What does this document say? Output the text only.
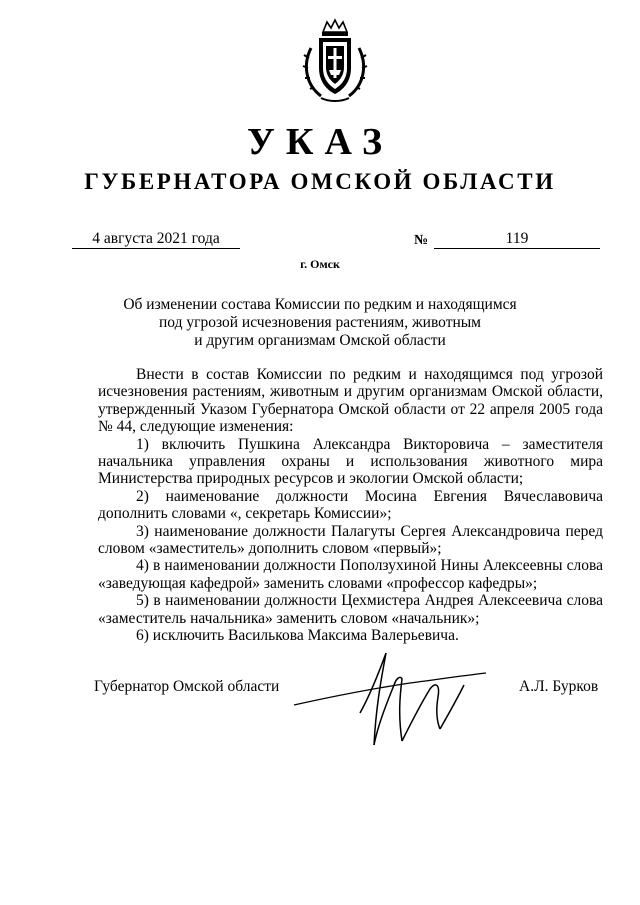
УКАЗ
ГУБЕРНАТОРА ОМСКОЙ ОБЛАСТИ
4 августа 2021 года	№	119
г. Омск
Об изменении состава Комиссии по редким и находящимся
под угрозой исчезновения растениям, животным
и другим организмам Омской области

Внести в состав Комиссии по редким и находящимся под угрозой исчезновения растениям, животным и другим организмам Омской области, утвержденный Указом Губернатора Омской области от 22 апреля 2005 года № 44, следующие изменения:

1) включить Пушкина Александра Викторовича – заместителя начальника управления охраны и использования животного мира Министерства природных ресурсов и экологии Омской области;

2) наименование должности Мосина Евгения Вячеславовича дополнить словами «, секретарь Комиссии»;

3) наименование должности Палагуты Сергея Александровича перед словом «заместитель» дополнить словом «первый»;

4) в наименовании должности Поползухиной Нины Алексеевны слова «заведующая кафедрой» заменить словами «профессор кафедры»;

5) в наименовании должности Цехмистера Андрея Алексеевича слова «заместитель начальника» заменить словом «начальник»;

6) исключить Василькова Максима Валерьевича.

Губернатор Омской области	А.Л. Бурков
